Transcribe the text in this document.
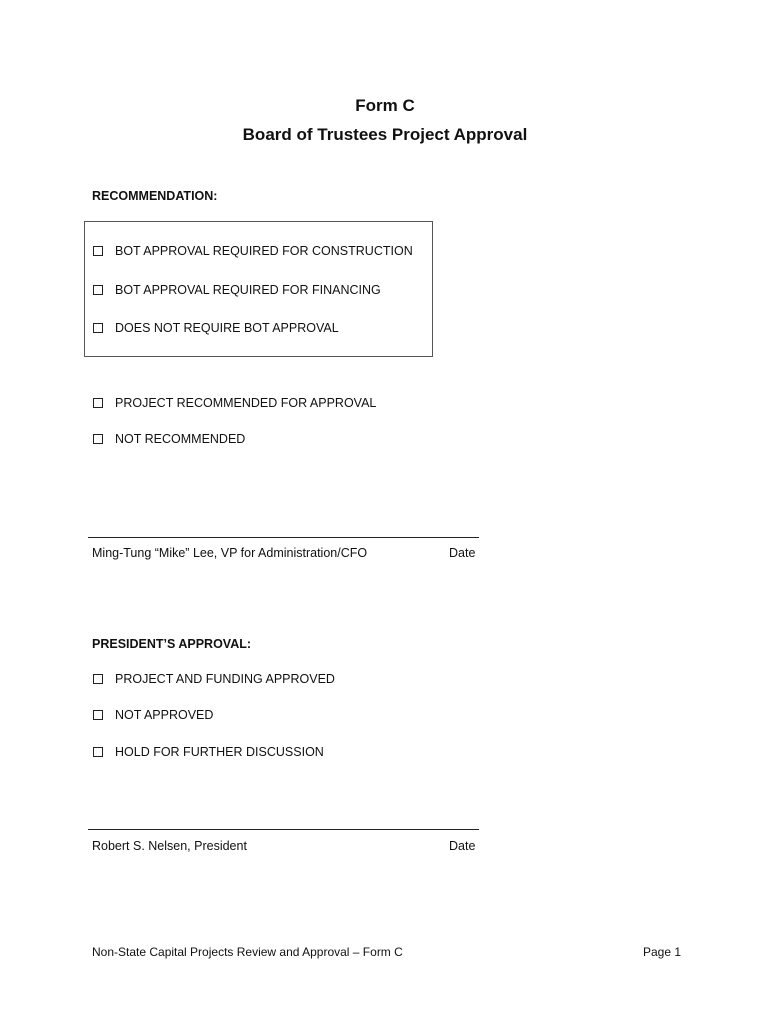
Form C
Board of Trustees Project Approval
RECOMMENDATION:
BOT APPROVAL REQUIRED FOR CONSTRUCTION
BOT APPROVAL REQUIRED FOR FINANCING
DOES NOT REQUIRE BOT APPROVAL
PROJECT RECOMMENDED FOR APPROVAL
NOT RECOMMENDED
Ming-Tung “Mike” Lee, VP for Administration/CFO	Date
PRESIDENT’S APPROVAL:
PROJECT AND FUNDING APPROVED
NOT APPROVED
HOLD FOR FURTHER DISCUSSION
Robert S. Nelsen, President	Date
Non-State Capital Projects Review and Approval – Form C	Page 1
